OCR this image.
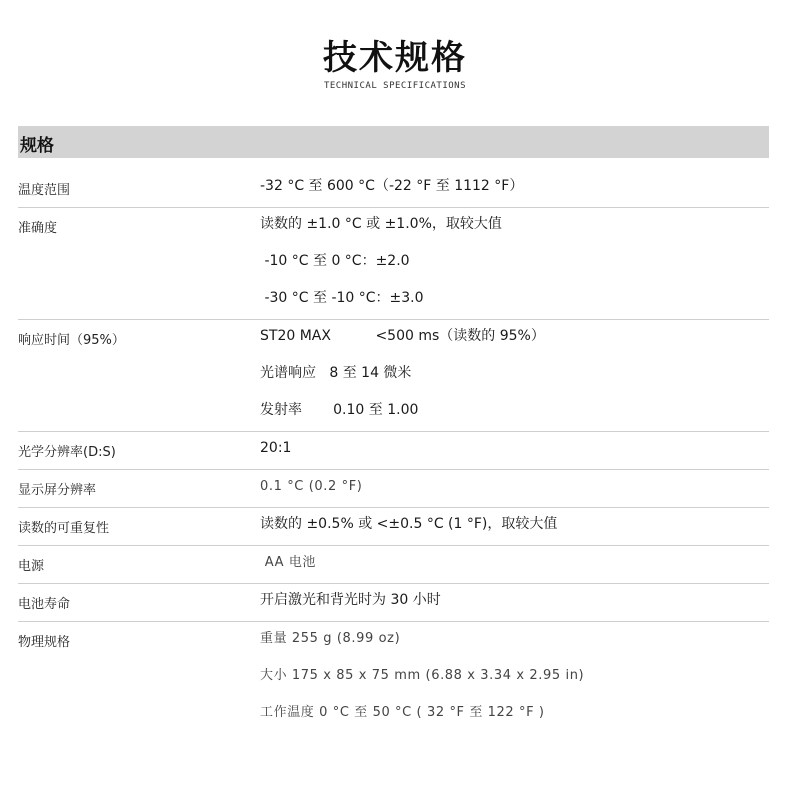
技术规格
TECHNICAL SPECIFICATIONS
规格
温度范围	-32 °C 至 600 °C（-22 °F 至 1112 °F）
准确度	读数的 ±1.0 °C 或 ±1.0%，取较大值
-10 °C 至 0 °C：±2.0
-30 °C 至 -10 °C：±3.0
响应时间（95%）	ST20 MAX          <500 ms（读数的 95%）
光谱响应   8 至 14 微米
发射率       0.10 至 1.00
光学分辨率(D:S)	20:1
显示屏分辨率	0.1 °C (0.2 °F)
读数的可重复性	读数的 ±0.5% 或 <±0.5 °C (1 °F)，取较大值
电源	AA 电池
电池寿命	开启激光和背光时为 30 小时
物理规格	重量 255 g (8.99 oz)
大小 175 x 85 x 75 mm (6.88 x 3.34 x 2.95 in)
工作温度 0 °C 至 50 °C ( 32 °F 至 122 °F )
